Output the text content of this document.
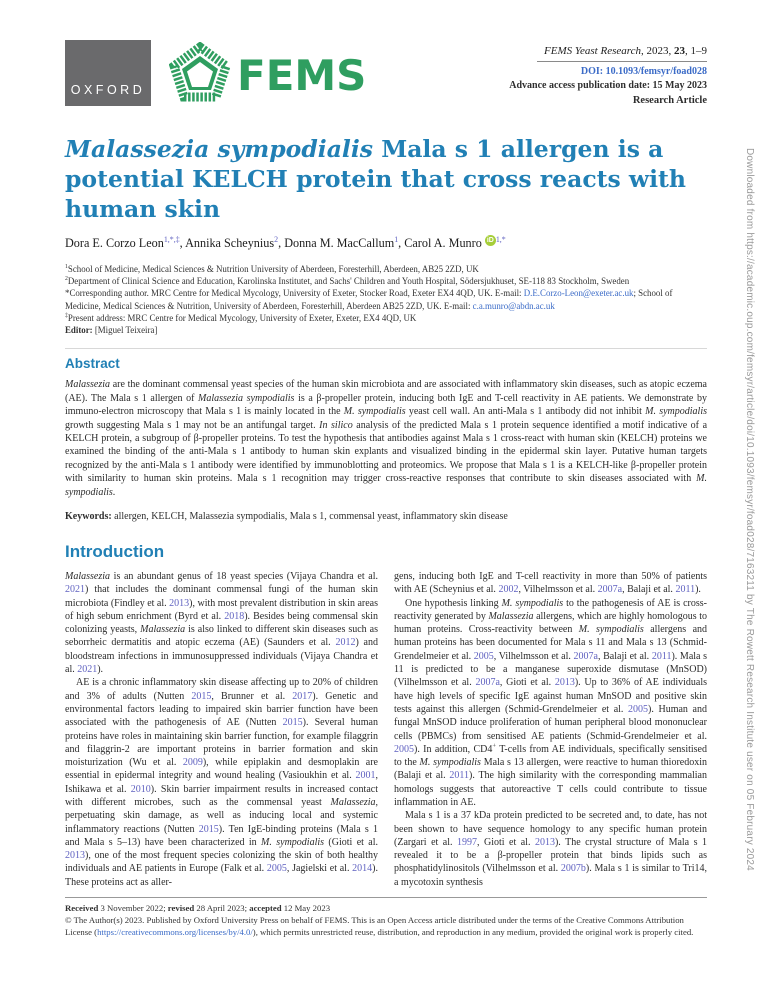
Downloaded from https://academic.oup.com/femsyr/article/doi/10.1093/femsyr/foad028/7163211 by The Rowett Research Institute user on 05 February 2024
OXFORD FEMS	FEMS Yeast Research, 2023, 23, 1–9
DOI: 10.1093/femsyr/foad028
Advance access publication date: 15 May 2023
Research Article
Malassezia sympodialis Mala s 1 allergen is a potential KELCH protein that cross reacts with human skin
Dora E. Corzo Leon$^{1,*,\ddagger}$, Annika Scheynius$^2$, Donna M. MacCallum$^1$, Carol A. Munro iD $^{1,*}$

$^1$School of Medicine, Medical Sciences & Nutrition University of Aberdeen, Foresterhill, Aberdeen, AB25 2ZD, UK

$^2$Department of Clinical Science and Education, Karolinska Institutet, and Sachs' Children and Youth Hospital, Södersjukhuset, SE-118 83 Stockholm, Sweden

*Corresponding author. MRC Centre for Medical Mycology, University of Exeter, Stocker Road, Exeter EX4 4QD, UK. E-mail: D.E.Corzo-Leon@exeter.ac.uk; School of Medicine, Medical Sciences & Nutrition, University of Aberdeen, Foresterhill, Aberdeen AB25 2ZD, UK. E-mail: c.a.munro@abdn.ac.uk

‡Present address: MRC Centre for Medical Mycology, University of Exeter, Exeter, EX4 4QD, UK

Editor: [Miguel Teixeira]

Abstract

Malassezia are the dominant commensal yeast species of the human skin microbiota and are associated with inflammatory skin diseases, such as atopic eczema (AE). The Mala s 1 allergen of Malassezia sympodialis is a β-propeller protein, inducing both IgE and T-cell reactivity in AE patients. We demonstrate by immuno-electron microscopy that Mala s 1 is mainly located in the M. sympodialis yeast cell wall. An anti-Mala s 1 antibody did not inhibit M. sympodialis growth suggesting Mala s 1 may not be an antifungal target. In silico analysis of the predicted Mala s 1 protein sequence identified a motif indicative of a KELCH protein, a subgroup of β-propeller proteins. To test the hypothesis that antibodies against Mala s 1 cross-react with human skin (KELCH) proteins we examined the binding of the anti-Mala s 1 antibody to human skin explants and visualized binding in the epidermal skin layer. Putative human targets recognized by the anti-Mala s 1 antibody were identified by immunoblotting and proteomics. We propose that Mala s 1 is a KELCH-like β-propeller protein with similarity to human skin proteins. Mala s 1 recognition may trigger cross-reactive responses that contribute to skin diseases associated with M. sympodialis.

Keywords: allergen, KELCH, Malassezia sympodialis, Mala s 1, commensal yeast, inflammatory skin disease

Introduction
Malassezia is an abundant genus of 18 yeast species (Vijaya Chandra et al. 2021) that includes the dominant commensal fungi of the human skin microbiota (Findley et al. 2013), with most prevalent distribution in skin areas of high sebum enrichment (Byrd et al. 2018). Besides being commensal skin colonizing yeasts, Malassezia is also linked to different skin diseases such as seborrheic dermatitis and atopic eczema (AE) (Saunders et al. 2012) and bloodstream infections in immunosuppressed individuals (Vijaya Chandra et al. 2021).
AE is a chronic inflammatory skin disease affecting up to 20% of children and 3% of adults (Nutten 2015, Brunner et al. 2017). Genetic and environmental factors leading to impaired skin barrier function have been associated with the pathogenesis of AE (Nutten 2015). Several human proteins have roles in maintaining skin barrier function, for example filaggrin and filaggrin-2 are important proteins in barrier formation and skin moisturization (Wu et al. 2009), while epiplakin and desmoplakin are essential in epidermal integrity and wound healing (Vasioukhin et al. 2001, Ishikawa et al. 2010). Skin barrier impairment results in increased contact with different microbes, such as the commensal yeast Malassezia, perpetuating skin damage, as well as inducing local and systemic inflammatory reactions (Nutten 2015). Ten IgE-binding proteins (Mala s 1 and Mala s 5–13) have been characterized in M. sympodialis (Gioti et al. 2013), one of the most frequent species colonizing the skin of both healthy individuals and AE patients in Europe (Falk et al. 2005, Jagielski et al. 2014). These proteins act as aller-
gens, inducing both IgE and T-cell reactivity in more than 50% of patients with AE (Scheynius et al. 2002, Vilhelmsson et al. 2007a, Balaji et al. 2011).
One hypothesis linking M. sympodialis to the pathogenesis of AE is cross-reactivity generated by Malassezia allergens, which are highly homologous to human proteins. Cross-reactivity between M. sympodialis allergens and human proteins has been documented for Mala s 11 and Mala s 13 (Schmid-Grendelmeier et al. 2005, Vilhelmsson et al. 2007a, Balaji et al. 2011). Mala s 11 is predicted to be a manganese superoxide dismutase (MnSOD) (Vilhelmsson et al. 2007a, Gioti et al. 2013). Up to 36% of AE individuals have high levels of specific IgE against human MnSOD and positive skin tests against this allergen (Schmid-Grendelmeier et al. 2005). Human and fungal MnSOD induce proliferation of human peripheral blood mononuclear cells (PBMCs) from sensitised AE patients (Schmid-Grendelmeier et al. 2005). In addition, CD4+ T-cells from AE individuals, specifically sensitised to the M. sympodialis Mala s 13 allergen, were reactive to human thioredoxin (Balaji et al. 2011). The high similarity with the corresponding mammalian homologs suggests that autoreactive T cells could contribute to tissue inflammation in AE.
Mala s 1 is a 37 kDa protein predicted to be secreted and, to date, has not been shown to have sequence homology to any specific human protein (Zargari et al. 1997, Gioti et al. 2013). The crystal structure of Mala s 1 revealed it to be a β-propeller protein that binds lipids such as phosphatidylinositols (Vilhelmsson et al. 2007b). Mala s 1 is similar to Tri14, a mycotoxin synthesis

Received 3 November 2022; revised 28 April 2023; accepted 12 May 2023

© The Author(s) 2023. Published by Oxford University Press on behalf of FEMS. This is an Open Access article distributed under the terms of the Creative Commons Attribution License (https://creativecommons.org/licenses/by/4.0/), which permits unrestricted reuse, distribution, and reproduction in any medium, provided the original work is properly cited.
